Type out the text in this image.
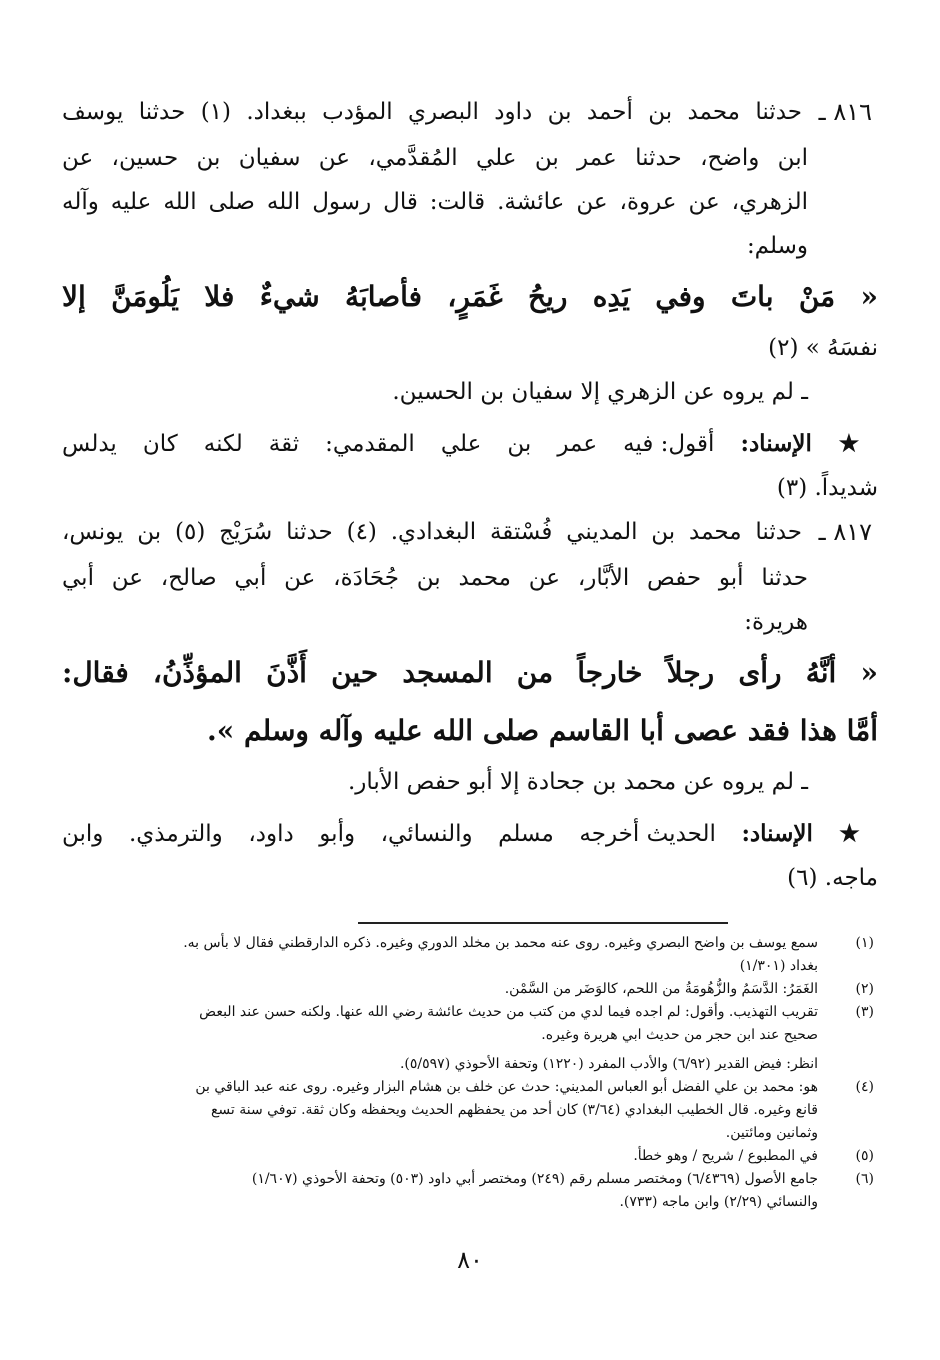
٨١٦ ـ
حدثنا محمد بن أحمد بن داود البصري المؤدب ببغداد. (١) حدثنا يوسف
ابن واضح، حدثنا عمر بن علي المُقدَّمي، عن سفيان بن حسين، عن
الزهري، عن عروة، عن عائشة. قالت: قال رسول الله صلى الله عليه وآله
وسلم:
« مَنْ باتَ وفي يَدِه ريحُ غَمَرٍ، فأصابَهُ شيءٌ فلا يَلُومَنَّ إلا
نفسَهُ » (٢)
ـ لم يروه عن الزهري إلا سفيان بن الحسين.
★ الإسناد: أقول: فيه عمر بن علي المقدمي: ثقة لكنه كان يدلس
شديداً. (٣)
٨١٧ ـ
حدثنا محمد بن المديني فُسْتقة البغدادي. (٤) حدثنا سُرَيْج (٥) بن يونس،
حدثنا أبو حفص الأبَّار، عن محمد بن جُحَادَة، عن أبي صالح، عن أبي
هريرة:
« أنَّهُ رأى رجلاً خارجاً من المسجد حين أَذَّنَ المؤذِّنُ، فقال:
أمَّا هذا فقد عصى أبا القاسم صلى الله عليه وآله وسلم ».
ـ لم يروه عن محمد بن جحادة إلا أبو حفص الأبار.
★ الإسناد: الحديث أخرجه مسلم والنسائي، وأبو داود، والترمذي. وابن
ماجه. (٦)
(١)
سمع يوسف بن واضح البصري وغيره. روى عنه محمد بن مخلد الدوري وغيره. ذكره الدارقطني فقال لا بأس به.
بغداد (١/٣٠١)
(٢)
الغَمَرُ: الدَّسَمُ والزُّهُومَةُ من اللحم، كالوَضَر من السَّمْن.
(٣)
تقريب التهذيب. وأقول: لم اجده فيما لدي من كتب من حديث عائشة رضي الله عنها. ولكنه حسن عند البعض
صحيح عند ابن حجر من حديث ابي هريرة وغيره.
انظر: فيض القدير (٦/٩٢) والأدب المفرد (١٢٢٠) وتحفة الأحوذي (٥/٥٩٧).
(٤)
هو: محمد بن علي الفضل أبو العباس المديني: حدث عن خلف بن هشام البزار وغيره. روى عنه عبد الباقي بن
قانع وغيره. قال الخطيب البغدادي (٣/٦٤) كان أحد من يحفظهم الحديث ويحفظه وكان ثقة. توفي سنة تسع
وثمانين ومائتين.
(٥)
في المطبوع / شريح / وهو خطأ.
(٦)
جامع الأصول (٦/٤٣٦٩) ومختصر مسلم رقم (٢٤٩) ومختصر أبي داود (٥٠٣) وتحفة الأحوذي (١/٦٠٧)
والنسائي (٢/٢٩) وابن ماجه (٧٣٣).
٨٠
